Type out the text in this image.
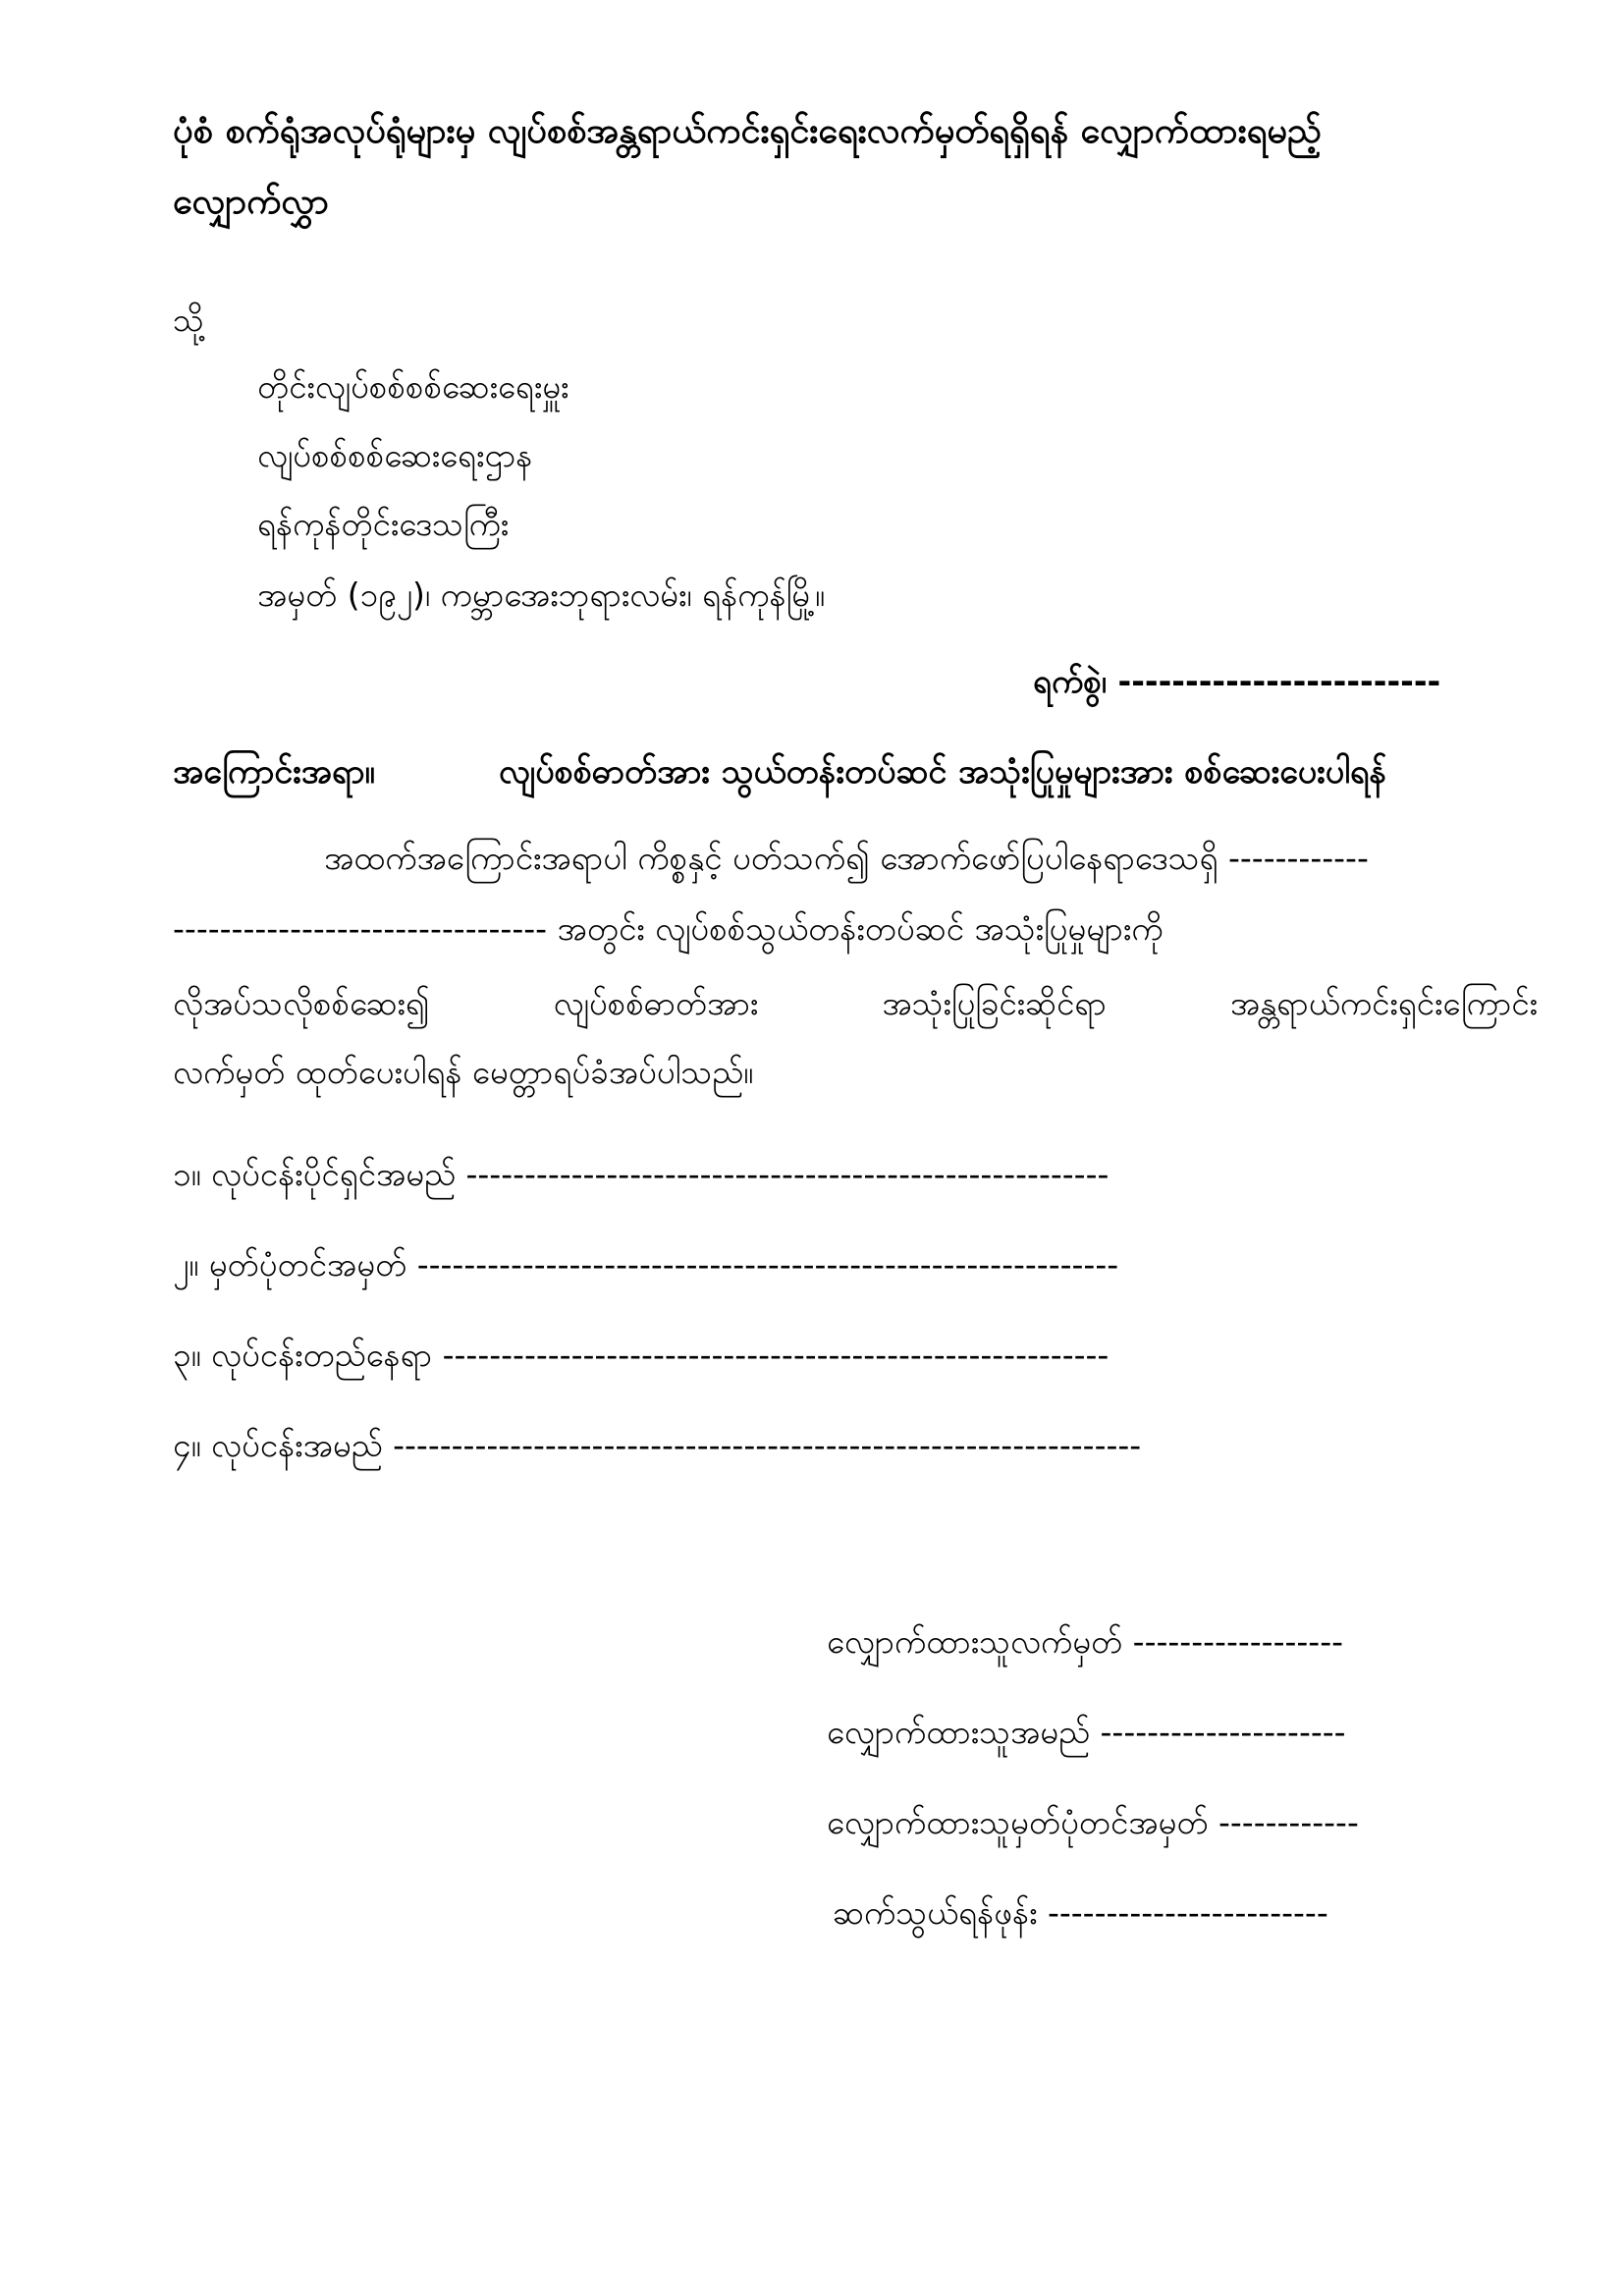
ပုံစံ စက်ရုံအလုပ်ရုံများမှ လျပ်စစ်အန္တရာယ်ကင်းရှင်းရေးလက်မှတ်ရရှိရန် လျှောက်ထားရမည့်
လျှောက်လွှာ
သို့
တိုင်းလျပ်စစ်စစ်ဆေးရေးမှူး
လျပ်စစ်စစ်ဆေးရေးဌာန
ရန်ကုန်တိုင်းဒေသကြီး
အမှတ် (၁၉၂)၊ ကမ္ဘာအေးဘုရားလမ်း၊ ရန်ကုန်မြို့။
ရက်စွဲ၊ ------------------------
အကြောင်းအရာ။	လျပ်စစ်ဓာတ်အား သွယ်တန်းတပ်ဆင် အသုံးပြုမှုများအား စစ်ဆေးပေးပါရန်
အထက်အကြောင်းအရာပါ ကိစ္စနှင့် ပတ်သက်၍ အောက်ဖော်ပြပါနေရာဒေသရှိ ------------
-------------------------------- အတွင်း လျပ်စစ်သွယ်တန်းတပ်ဆင် အသုံးပြုမှုများကို
လိုအပ်သလိုစစ်ဆေး၍	လျပ်စစ်ဓာတ်အား	အသုံးပြုခြင်းဆိုင်ရာ	အန္တရာယ်ကင်းရှင်းကြောင်း
လက်မှတ် ထုတ်ပေးပါရန် မေတ္တာရပ်ခံအပ်ပါသည်။
၁။ လုပ်ငန်းပိုင်ရှင်အမည် -------------------------------------------------------
၂။ မှတ်ပုံတင်အမှတ် ------------------------------------------------------------
၃။ လုပ်ငန်းတည်နေရာ ---------------------------------------------------------
၄။ လုပ်ငန်းအမည် ----------------------------------------------------------------
လျှောက်ထားသူလက်မှတ် ------------------
လျှောက်ထားသူအမည် ---------------------
လျှောက်ထားသူမှတ်ပုံတင်အမှတ် ------------
ဆက်သွယ်ရန်ဖုန်း ------------------------
